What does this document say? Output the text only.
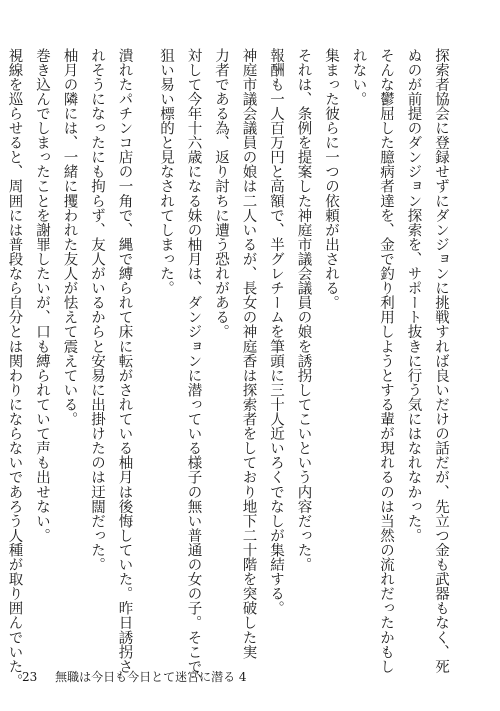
探索者協会に登録せずにダンジョンに挑戦すれば良いだけの話だが、先立つ金も武器もなく、死
ぬのが前提のダンジョン探索を、サポート抜きに行う気にはなれなかった。
そんな鬱屈した臆病者達を、金で釣り利用しようとする輩が現れるのは当然の流れだったかもし
れない。
集まった彼らに一つの依頼が出される。
それは、条例を提案した神庭市議会議員の娘を誘拐してこいという内容だった。
報酬も一人百万円と高額で、半グレチームを筆頭に三十人近いろくでなしが集結する。
神庭市議会議員の娘は二人いるが、長女の神庭香は探索者をしており地下二十階を突破した実
力者である為、返り討ちに遭う恐れがある。
対して今年十六歳になる妹の柚月は、ダンジョンに潜っている様子の無い普通の女の子。そこで、
狙い易い標的と見なされてしまった。
潰れたパチンコ店の一角で、縄で縛られて床に転がされている柚月は後悔していた。昨日誘拐さ
れそうになったにも拘らず、友人がいるからと安易に出掛けたのは迂闊だった。
柚月の隣には、一緒に攫われた友人が怯えて震えている。
巻き込んでしまったことを謝罪したいが、口も縛られていて声も出せない。
視線を巡らせると、周囲には普段なら自分とは関わりにならないであろう人種が取り囲んでいた。 23 無職は今日も今日とて迷宮に潜る 4
